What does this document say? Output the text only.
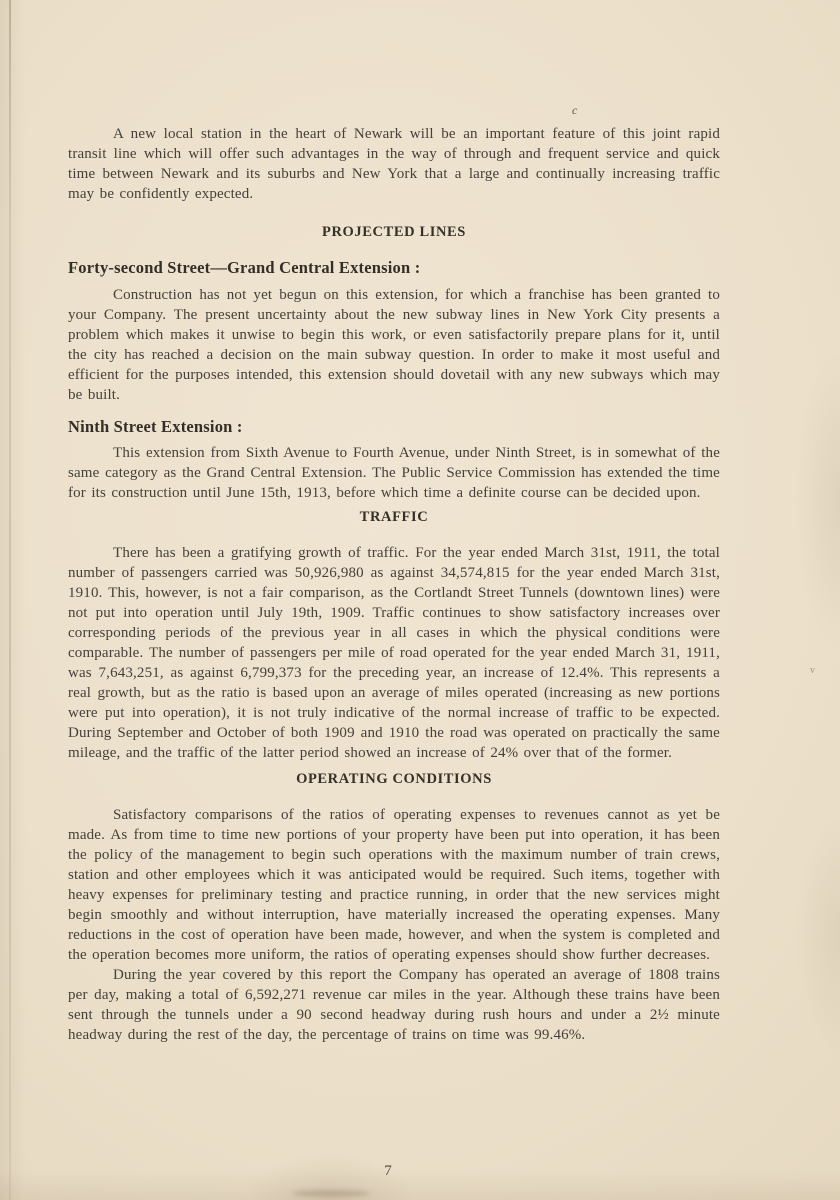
c

A new local station in the heart of Newark will be an important feature of this joint rapid transit line which will offer such advantages in the way of through and frequent service and quick time between Newark and its suburbs and New York that a large and continually increasing traffic may be confidently expected.

PROJECTED LINES
Forty-second Street—Grand Central Extension :

Construction has not yet begun on this extension, for which a franchise has been granted to your Company. The present uncertainty about the new subway lines in New York City presents a problem which makes it unwise to begin this work, or even satisfactorily prepare plans for it, until the city has reached a decision on the main subway question. In order to make it most useful and efficient for the purposes intended, this extension should dovetail with any new subways which may be built.

Ninth Street Extension :

This extension from Sixth Avenue to Fourth Avenue, under Ninth Street, is in somewhat of the same category as the Grand Central Extension. The Public Service Commission has extended the time for its construction until June 15th, 1913, before which time a definite course can be decided upon.

TRAFFIC

There has been a gratifying growth of traffic. For the year ended March 31st, 1911, the total number of passengers carried was 50,926,980 as against 34,574,815 for the year ended March 31st, 1910. This, however, is not a fair comparison, as the Cortlandt Street Tunnels (downtown lines) were not put into operation until July 19th, 1909. Traffic continues to show satisfactory increases over corresponding periods of the previous year in all cases in which the physical conditions were comparable. The number of passengers per mile of road operated for the year ended March 31, 1911, was 7,643,251, as against 6,799,373 for the preceding year, an increase of 12.4%. This represents a real growth, but as the ratio is based upon an average of miles operated (increasing as new portions were put into operation), it is not truly indicative of the normal increase of traffic to be expected. During September and October of both 1909 and 1910 the road was operated on practically the same mileage, and the traffic of the latter period showed an increase of 24% over that of the former.

OPERATING CONDITIONS

Satisfactory comparisons of the ratios of operating expenses to revenues cannot as yet be made. As from time to time new portions of your property have been put into operation, it has been the policy of the management to begin such operations with the maximum number of train crews, station and other employees which it was anticipated would be required. Such items, together with heavy expenses for preliminary testing and practice running, in order that the new services might begin smoothly and without interruption, have materially increased the operating expenses. Many reductions in the cost of operation have been made, however, and when the system is completed and the operation becomes more uniform, the ratios of operating expenses should show further decreases.

During the year covered by this report the Company has operated an average of 1808 trains per day, making a total of 6,592,271 revenue car miles in the year. Although these trains have been sent through the tunnels under a 90 second headway during rush hours and under a 2½ minute headway during the rest of the day, the percentage of trains on time was 99.46%.

v
7
